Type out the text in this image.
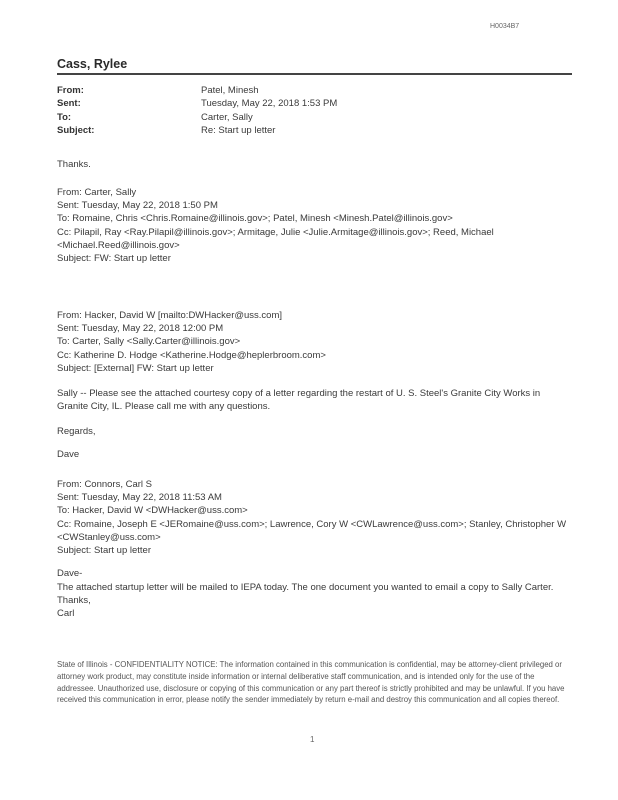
H0034B7
Cass, Rylee
From:	Patel, Minesh
Sent:	Tuesday, May 22, 2018 1:53 PM
To:	Carter, Sally
Subject:	Re: Start up letter
Thanks.
From: Carter, Sally
Sent: Tuesday, May 22, 2018 1:50 PM
To: Romaine, Chris <Chris.Romaine@illinois.gov>; Patel, Minesh <Minesh.Patel@illinois.gov>
Cc: Pilapil, Ray <Ray.Pilapil@illinois.gov>; Armitage, Julie <Julie.Armitage@illinois.gov>; Reed, Michael
<Michael.Reed@illinois.gov>
Subject: FW: Start up letter
From: Hacker, David W [mailto:DWHacker@uss.com]
Sent: Tuesday, May 22, 2018 12:00 PM
To: Carter, Sally <Sally.Carter@illinois.gov>
Cc: Katherine D. Hodge <Katherine.Hodge@heplerbroom.com>
Subject: [External] FW: Start up letter
Sally -- Please see the attached courtesy copy of a letter regarding the restart of U. S. Steel's Granite City Works in Granite City, IL. Please call me with any questions.
Regards,
Dave
From: Connors, Carl S
Sent: Tuesday, May 22, 2018 11:53 AM
To: Hacker, David W <DWHacker@uss.com>
Cc: Romaine, Joseph E <JERomaine@uss.com>; Lawrence, Cory W <CWLawrence@uss.com>; Stanley, Christopher W
<CWStanley@uss.com>
Subject: Start up letter
Dave-
The attached startup letter will be mailed to IEPA today. The one document you wanted to email a copy to Sally Carter.
Thanks,
Carl
State of Illinois - CONFIDENTIALITY NOTICE: The information contained in this communication is confidential, may be attorney-client privileged or attorney work product, may constitute inside information or internal deliberative staff communication, and is intended only for the use of the addressee. Unauthorized use, disclosure or copying of this communication or any part thereof is strictly prohibited and may be unlawful. If you have received this communication in error, please notify the sender immediately by return e-mail and destroy this communication and all copies thereof.
1
